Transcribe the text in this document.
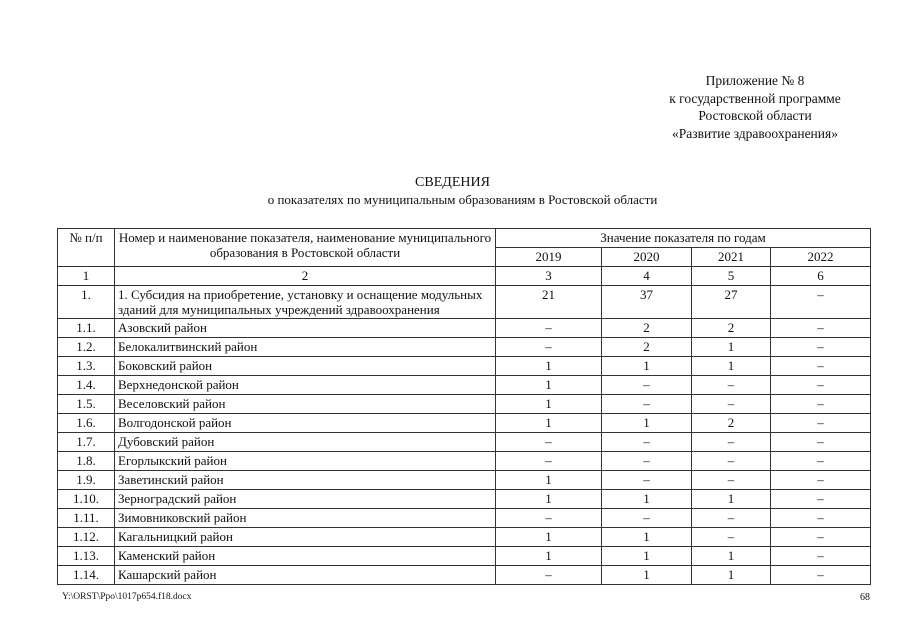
Приложение № 8
к государственной программе
Ростовской области
«Развитие здравоохранения»
СВЕДЕНИЯ
о показателях по муниципальным образованиям в Ростовской области
№ п/п	Номер и наименование показателя, наименование муниципального образования в Ростовской области	Значение показателя по годам			
		2019	2020	2021	2022
1	2	3	4	5	6
1.	1. Субсидия на приобретение, установку и оснащение модульных зданий для муниципальных учреждений здравоохранения	21	37	27	–
1.1.	Азовский район	–	2	2	–
1.2.	Белокалитвинский район	–	2	1	–
1.3.	Боковский район	1	1	1	–
1.4.	Верхнедонской район	1	–	–	–
1.5.	Веселовский район	1	–	–	–
1.6.	Волгодонской район	1	1	2	–
1.7.	Дубовский район	–	–	–	–
1.8.	Егорлыкский район	–	–	–	–
1.9.	Заветинский район	1	–	–	–
1.10.	Зерноградский район	1	1	1	–
1.11.	Зимовниковский район	–	–	–	–
1.12.	Кагальницкий район	1	1	–	–
1.13.	Каменский район	1	1	1	–
1.14.	Кашарский район	–	1	1	–
Y:\ORST\Ppo\1017p654.f18.docx	68
